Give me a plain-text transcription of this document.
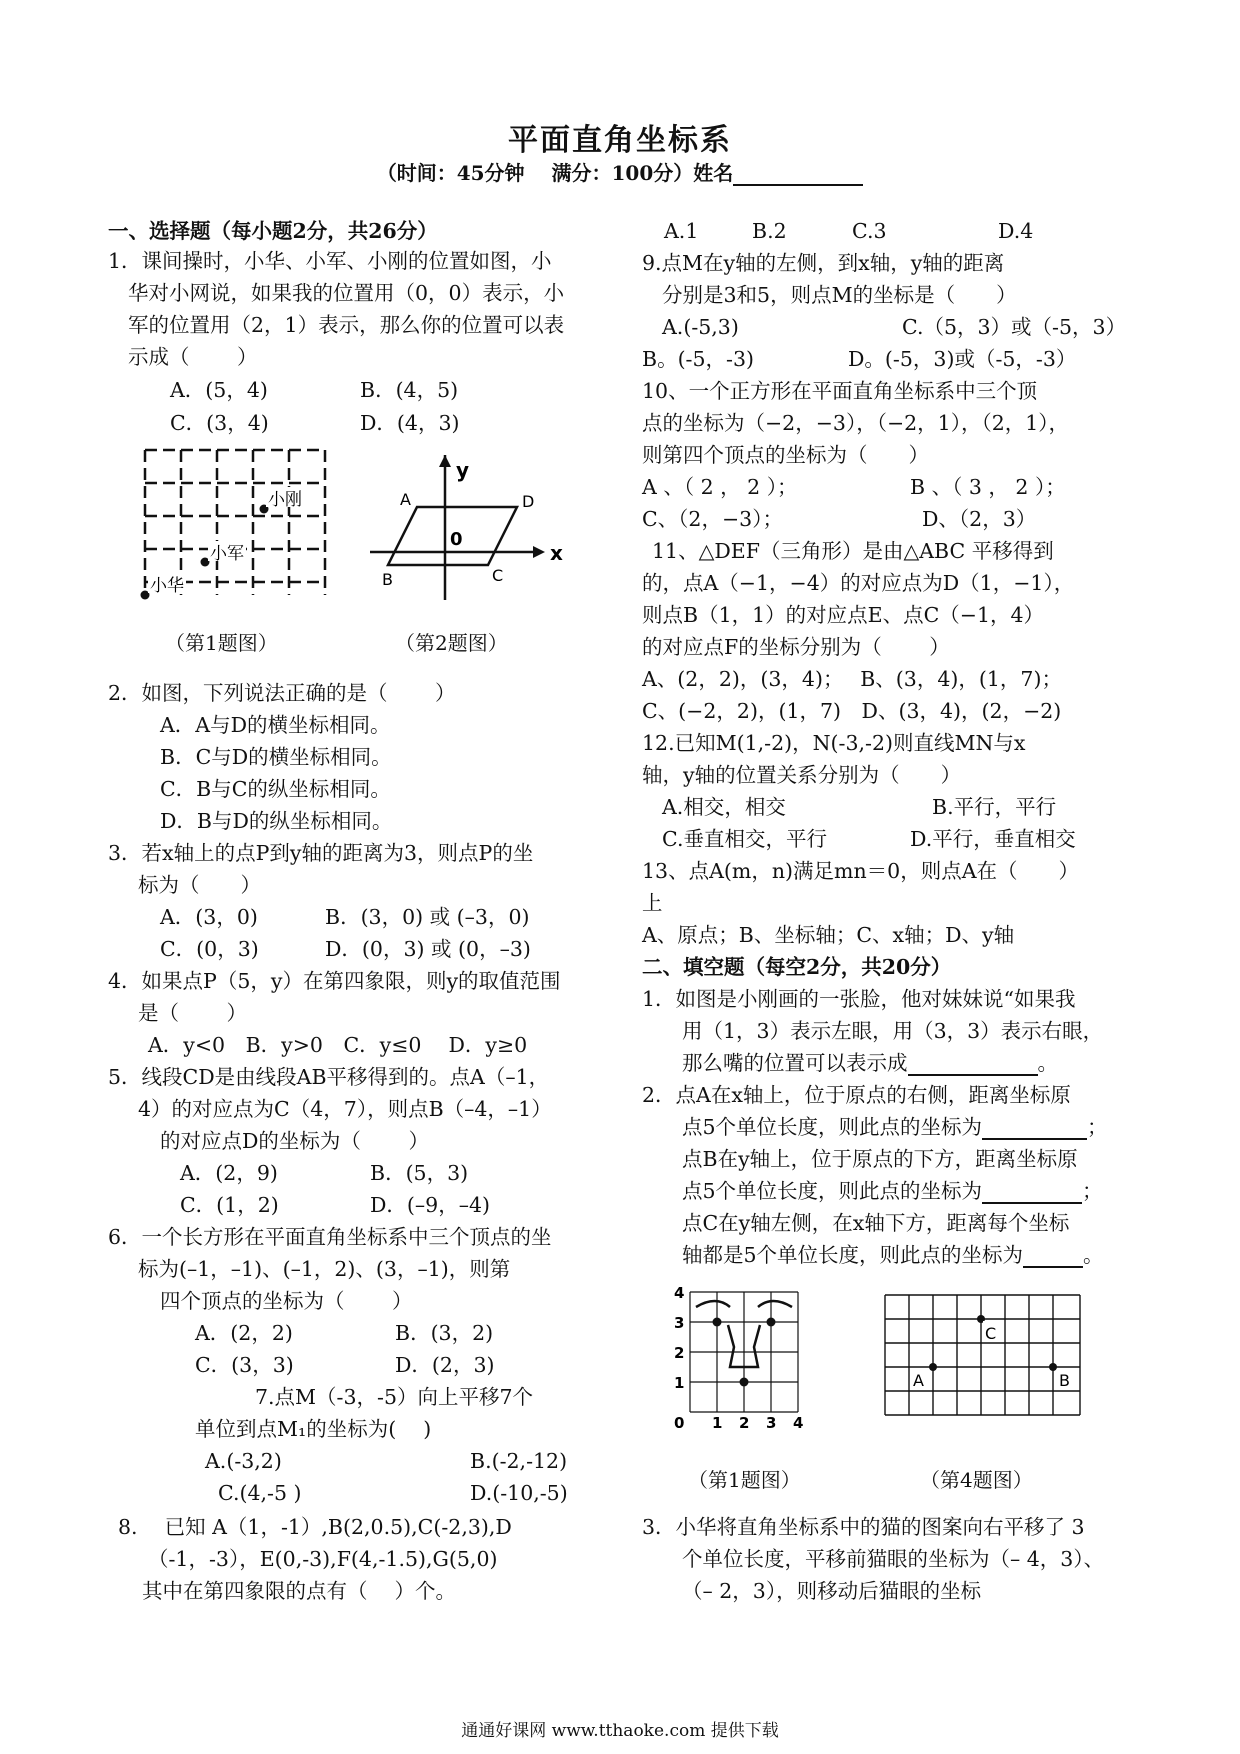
平面直角坐标系
（时间：45分钟　 满分：100分）姓名
一、选择题（每小题2分，共26分）
1．课间操时，小华、小军、小刚的位置如图，小
华对小网说，如果我的位置用（0，0）表示，小
军的位置用（2，1）表示，那么你的位置可以表
示成（　　 ）
A．(5，4)	B．(4，5)
C．(3，4)	D．(4，3)
小刚
小军
小华
y
x
0
A	D
B	C
（第1题图）	（第2题图）
2．如图，下列说法正确的是（　　 ）
A．A与D的横坐标相同。
B．C与D的横坐标相同。
C．B与C的纵坐标相同。
D．B与D的纵坐标相同。
3．若x轴上的点P到y轴的距离为3，则点P的坐
标为（　　）
A．(3，0)	B．(3，0) 或 (–3，0)
C．(0，3)	D．(0，3) 或 (0，–3)
4．如果点P（5，y）在第四象限，则y的取值范围
是（　　 ）
A．y<0　B．y>0　C．y≤0　 D．y≥0
5．线段CD是由线段AB平移得到的。点A（–1，
4）的对应点为C（4，7），则点B（–4，–1）
的对应点D的坐标为（　　 ）
A．(2，9)	B．(5，3)
C．(1，2)	D．(–9，–4)
6．一个长方形在平面直角坐标系中三个顶点的坐
标为(–1，–1)、(–1，2)、(3，–1)，则第
四个顶点的坐标为（　　 ）
A．(2，2)	B．(3，2)
C．(3，3)	D．(2，3)
7.点M（-3，-5）向上平移7个
单位到点M₁的坐标为(　 )
A.(-3,2)	B.(-2,-12)
C.(4,-5 )	D.(-10,-5)
8.　 已知 A（1，-1）,B(2,0.5),C(-2,3),D
（-1，-3），E(0,-3),F(4,-1.5),G(5,0)
其中在第四象限的点有（　 ）个。
A.1	B.2	C.3	D.4
9.点M在y轴的左侧，到x轴，y轴的距离
分别是3和5，则点M的坐标是（　　）
A.(-5,3)	C.（5，3）或（-5，3）
B。(-5，-3)	D。(-5，3)或（-5，-3）
10、一个正方形在平面直角坐标系中三个顶
点的坐标为（−2，−3），（−2，1），（2，1），
则第四个顶点的坐标为（　　）
A 、（ 2 ， 2 ）；	B 、（ 3 ， 2 ）；
C、（2，−3）；	D、（2，3）
11、△DEF（三角形）是由△ABC 平移得到
的，点A（−1，−4）的对应点为D（1，−1），
则点B（1，1）的对应点E、点C（−1，4）
的对应点F的坐标分别为（　　 ）
A、(2，2)，(3，4)；　 B、(3，4)，(1，7)；
C、(−2，2)，(1，7)　D、(3，4)，(2，−2)
12.已知M(1,-2)，N(-3,-2)则直线MN与x
轴，y轴的位置关系分别为（　　）
A.相交，相交	B.平行，平行
C.垂直相交，平行	D.平行，垂直相交
13、点A(m，n)满足mn＝0，则点A在（　　）
上
A、原点；B、坐标轴；C、x轴；D、y轴
二、填空题（每空2分，共20分）
1．如图是小刚画的一张脸，他对妹妹说“如果我
用（1，3）表示左眼，用（3，3）表示右眼，
那么嘴的位置可以表示成	。
2．点A在x轴上，位于原点的右侧，距离坐标原
点5个单位长度，则此点的坐标为	；
点B在y轴上，位于原点的下方，距离坐标原
点5个单位长度，则此点的坐标为	；
点C在y轴左侧，在x轴下方，距离每个坐标
轴都是5个单位长度，则此点的坐标为	。
4
3
2
1
0 1 2 3 4
A
C
B
（第1题图）	（第4题图）
3．小华将直角坐标系中的猫的图案向右平移了 3
个单位长度，平移前猫眼的坐标为（– 4，3）、
（– 2，3），则移动后猫眼的坐标
通通好课网 www.tthaoke.com 提供下载
